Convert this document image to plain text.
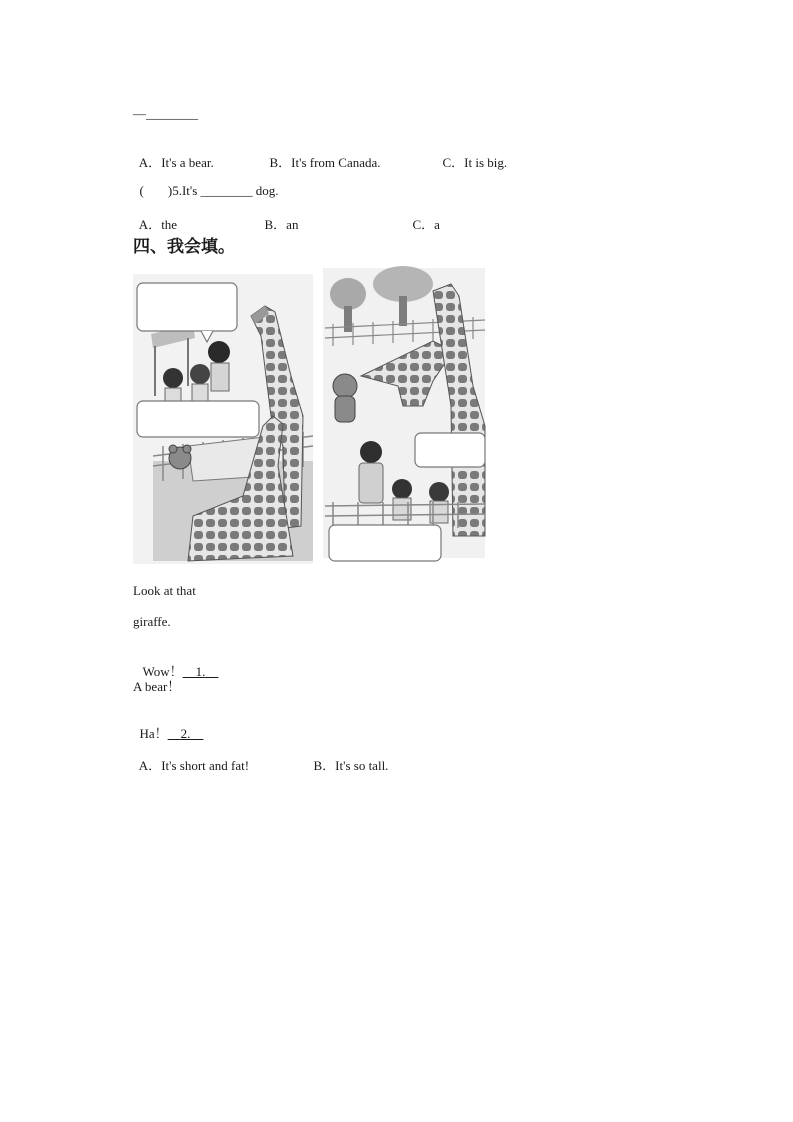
—________

A．It's a bear.	B．It's from Canada.	C．It is big.

( )5.It's ________ dog.

A．the	B．an	C．a

四、我会填。
Look at that
giraffe.

Wow！ 1.

A bear！

Ha！ 2.

A．It's short and fat!	B．It's so tall.
